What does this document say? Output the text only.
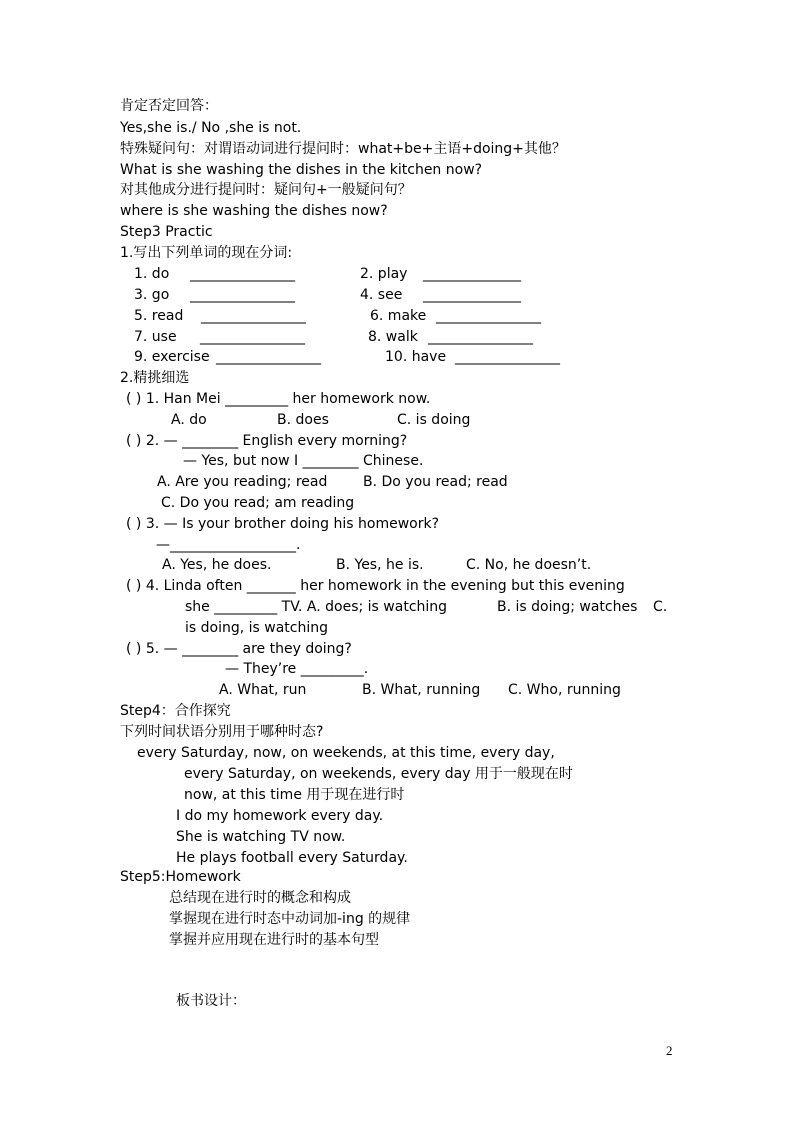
肯定否定回答：
Yes,she is./ No ,she is not.
特殊疑问句：对谓语动词进行提问时：what+be+主语+doing+其他？
What is she washing the dishes in the kitchen now?
对其他成分进行提问时：疑问句+一般疑问句？
where is she washing the dishes now?
Step3 Practic
1.写出下列单词的现在分词:
1. do _______________	2. play ______________
3. go _______________	4. see ______________
5. read _______________	6. make _______________
7. use _______________	8. walk _______________
9. exercise _______________	10. have _______________
2.精挑细选
( ) 1. Han Mei _________ her homework now.
A. do	B. does	C. is doing
( ) 2. — ________ English every morning?
— Yes, but now I ________ Chinese.
A. Are you reading; read	B. Do you read; read
C. Do you read; am reading
( ) 3. — Is your brother doing his homework?
—__________________.
A. Yes, he does.	B. Yes, he is.	C. No, he doesn’t.
( ) 4. Linda often _______ her homework in the evening but this evening
she _________ TV. A. does; is watching	B. is doing; watches C.
is doing, is watching
( ) 5. — ________ are they doing?
— They’re _________.
A. What, run	B. What, running C. Who, running
Step4：合作探究
下列时间状语分别用于哪种时态?
every Saturday, now, on weekends, at this time, every day,
every Saturday, on weekends, every day 用于一般现在时
now, at this time 用于现在进行时
I do my homework every day.
She is watching TV now.
He plays football every Saturday.
Step5:Homework
总结现在进行时的概念和构成
掌握现在进行时态中动词加-ing 的规律
掌握并应用现在进行时的基本句型
板书设计：
2
